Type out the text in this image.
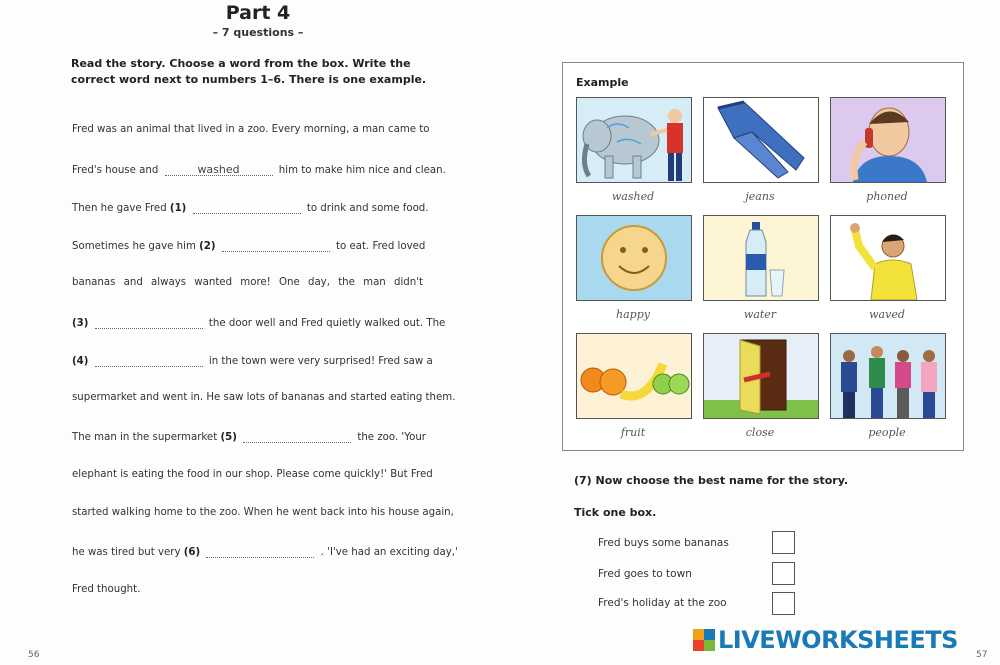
Part 4
– 7 questions –
Read the story. Choose a word from the box. Write the correct word next to numbers 1–6. There is one example.
Fred was an animal that lived in a zoo. Every morning, a man came to
Fred's house and	washed	him to make him nice and clean.
Then he gave Fred (1)	to drink and some food.
Sometimes he gave him (2)	to eat. Fred loved
bananas and always wanted more! One day, the man didn't
(3)	the door well and Fred quietly walked out. The
(4)	in the town were very surprised! Fred saw a
supermarket and went in. He saw lots of bananas and started eating them.
The man in the supermarket (5)	the zoo. 'Your
elephant is eating the food in our shop. Please come quickly!' But Fred
started walking home to the zoo. When he went back into his house again,
he was tired but very (6)	. 'I've had an exciting day,'
Fred thought.
Example
washed	jeans	phoned
happy	water	waved
fruit	close	people
(7) Now choose the best name for the story.
Tick one box.
Fred buys some bananas
Fred goes to town
Fred's holiday at the zoo
56	57
LIVEWORKSHEETS
